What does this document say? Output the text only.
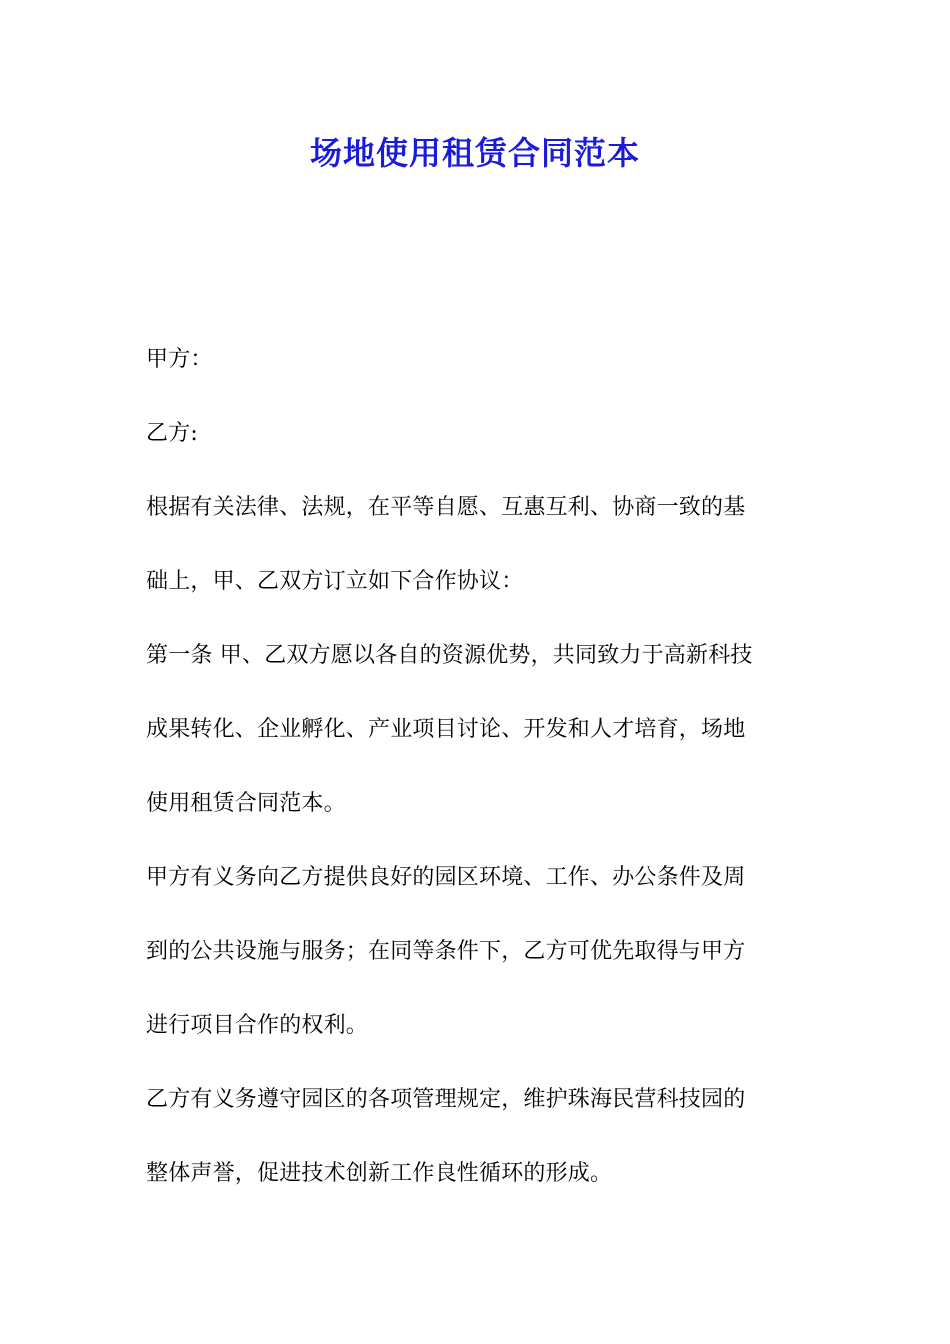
场地使用租赁合同范本
甲方：
乙方:
根据有关法律、法规，在平等自愿、互惠互利、协商一致的基
础上，甲、乙双方订立如下合作协议：
第一条 甲、乙双方愿以各自的资源优势，共同致力于高新科技
成果转化、企业孵化、产业项目讨论、开发和人才培育，场地
使用租赁合同范本。
甲方有义务向乙方提供良好的园区环境、工作、办公条件及周
到的公共设施与服务；在同等条件下，乙方可优先取得与甲方
进行项目合作的权利。
乙方有义务遵守园区的各项管理规定，维护珠海民营科技园的
整体声誉，促进技术创新工作良性循环的形成。
